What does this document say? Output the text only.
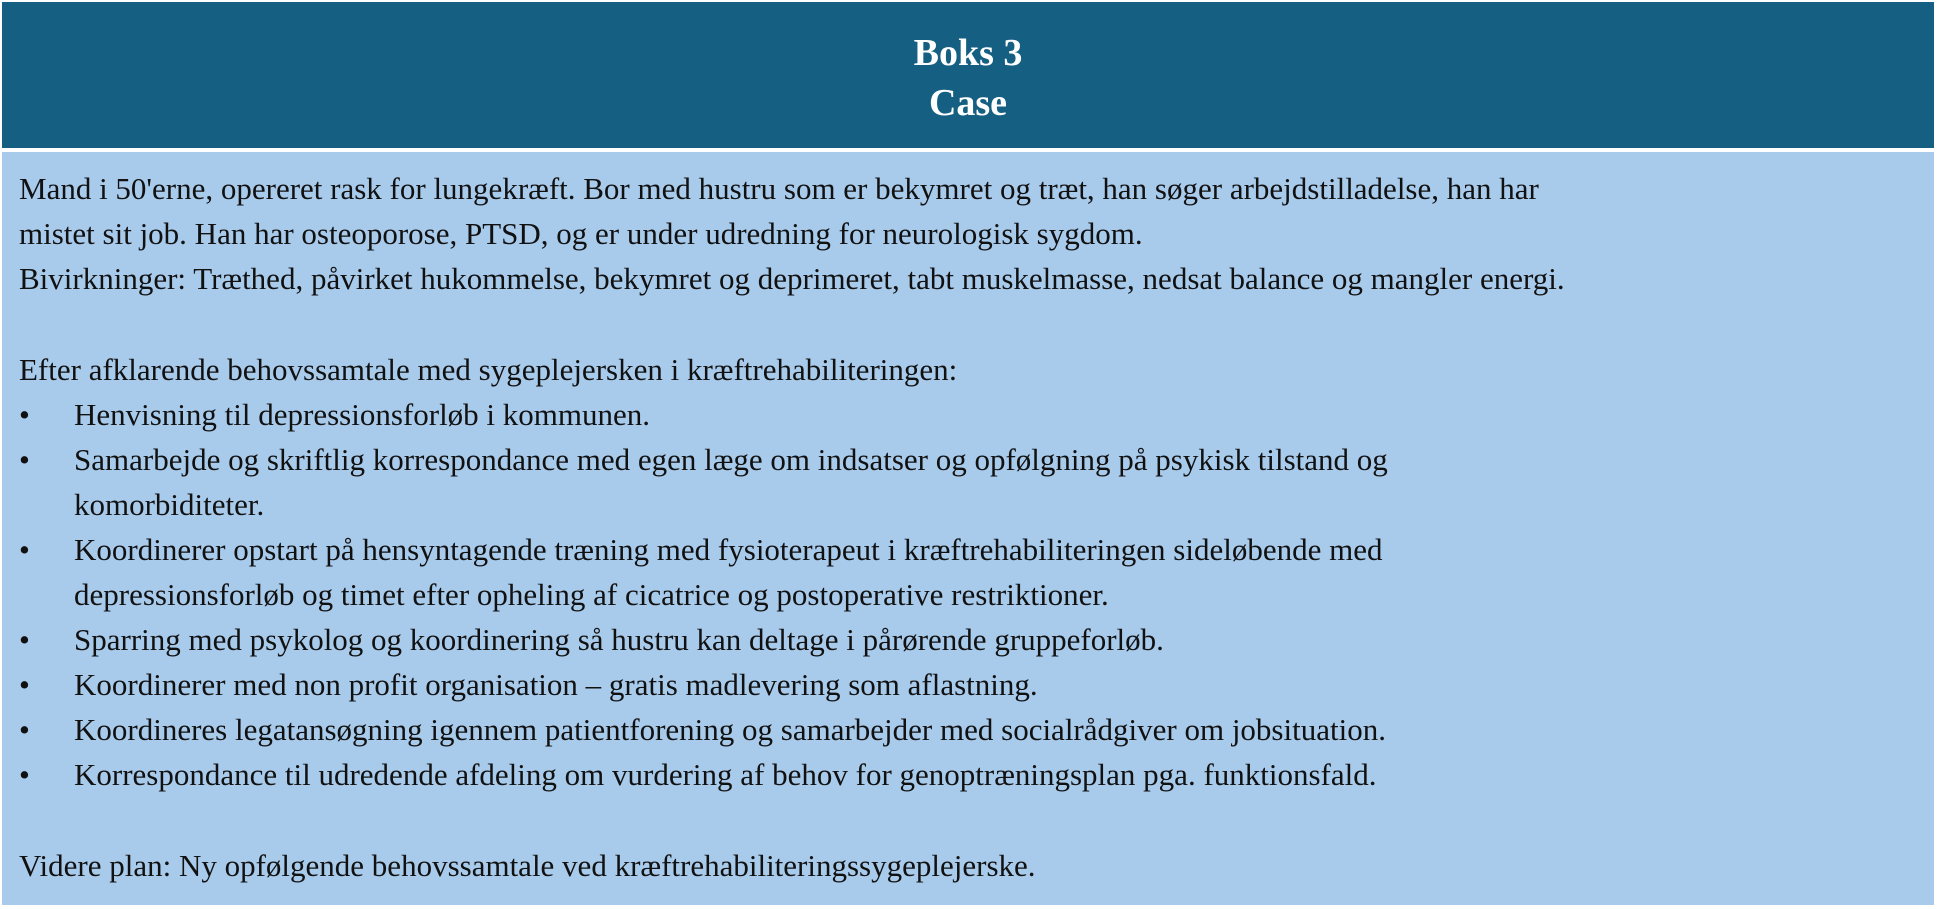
Boks 3
Case

Mand i 50'erne, opereret rask for lungekræft. Bor med hustru som er bekymret og træt, han søger arbejdstilladelse, han har

mistet sit job. Han har osteoporose, PTSD, og er under udredning for neurologisk sygdom.

Bivirkninger: Træthed, påvirket hukommelse, bekymret og deprimeret, tabt muskelmasse, nedsat balance og mangler energi.

Efter afklarende behovssamtale med sygeplejersken i kræftrehabiliteringen:

• Henvisning til depressionsforløb i kommunen.
• Samarbejde og skriftlig korrespondance med egen læge om indsatser og opfølgning på psykisk tilstand og
komorbiditeter.
• Koordinerer opstart på hensyntagende træning med fysioterapeut i kræftrehabiliteringen sideløbende med
depressionsforløb og timet efter opheling af cicatrice og postoperative restriktioner.
• Sparring med psykolog og koordinering så hustru kan deltage i pårørende gruppeforløb.
• Koordinerer med non profit organisation – gratis madlevering som aflastning.
• Koordineres legatansøgning igennem patientforening og samarbejder med socialrådgiver om jobsituation.
• Korrespondance til udredende afdeling om vurdering af behov for genoptræningsplan pga. funktionsfald.

Videre plan: Ny opfølgende behovssamtale ved kræftrehabiliteringssygeplejerske.
